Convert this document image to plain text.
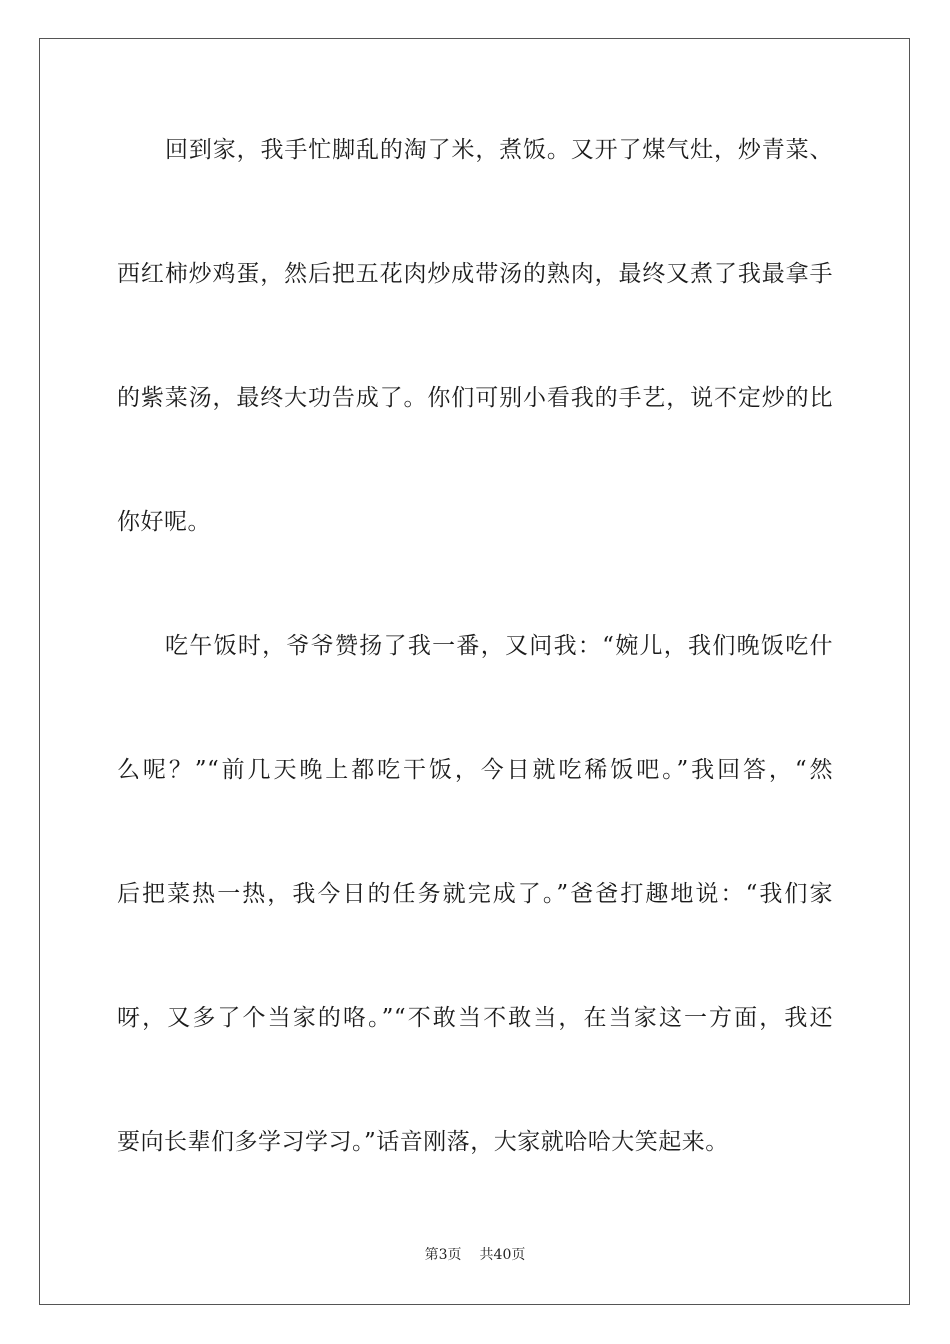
回到家，我手忙脚乱的淘了米，煮饭。又开了煤气灶，炒青菜、
西红柿炒鸡蛋，然后把五花肉炒成带汤的熟肉，最终又煮了我最拿手
的紫菜汤，最终大功告成了。你们可别小看我的手艺，说不定炒的比
你好呢。
吃午饭时，爷爷赞扬了我一番，又问我：“婉儿，我们晚饭吃什
么呢？”“前几天晚上都吃干饭，今日就吃稀饭吧。”我回答，“然
后把菜热一热，我今日的任务就完成了。”爸爸打趣地说：“我们家
呀，又多了个当家的咯。”“不敢当不敢当，在当家这一方面，我还
要向长辈们多学习学习。”话音刚落，大家就哈哈大笑起来。
第3页 共40页
